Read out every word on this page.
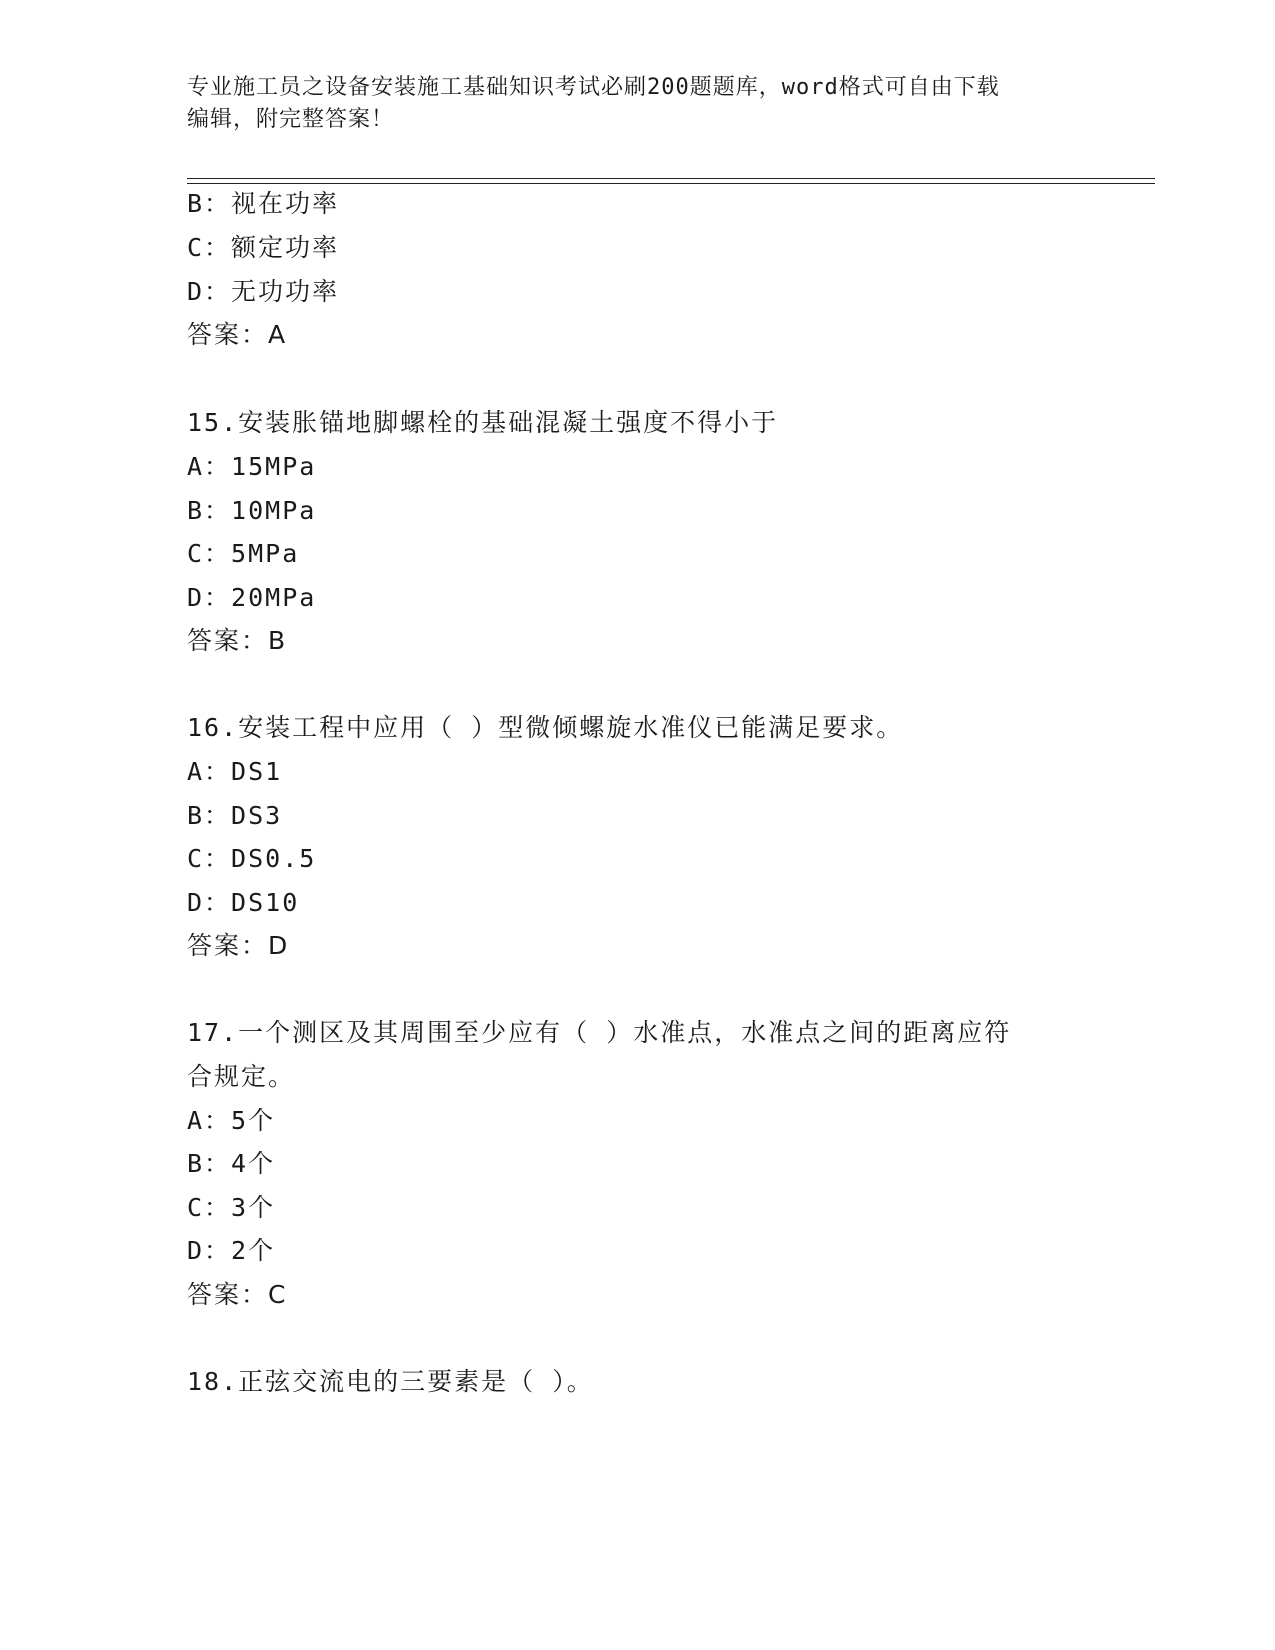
专业施工员之设备安装施工基础知识考试必刷200题题库，word格式可自由下载
编辑，附完整答案！
B：视在功率
C：额定功率
D：无功功率
答案：A
15.安装胀锚地脚螺栓的基础混凝土强度不得小于
A：15MPa
B：10MPa
C：5MPa
D：20MPa
答案：B
16.安装工程中应用（ ）型微倾螺旋水准仪已能满足要求。
A：DS1
B：DS3
C：DS0.5
D：DS10
答案：D
17.一个测区及其周围至少应有（ ）水准点，水准点之间的距离应符
合规定。
A：5个
B：4个
C：3个
D：2个
答案：C
18.正弦交流电的三要素是（ ）。
